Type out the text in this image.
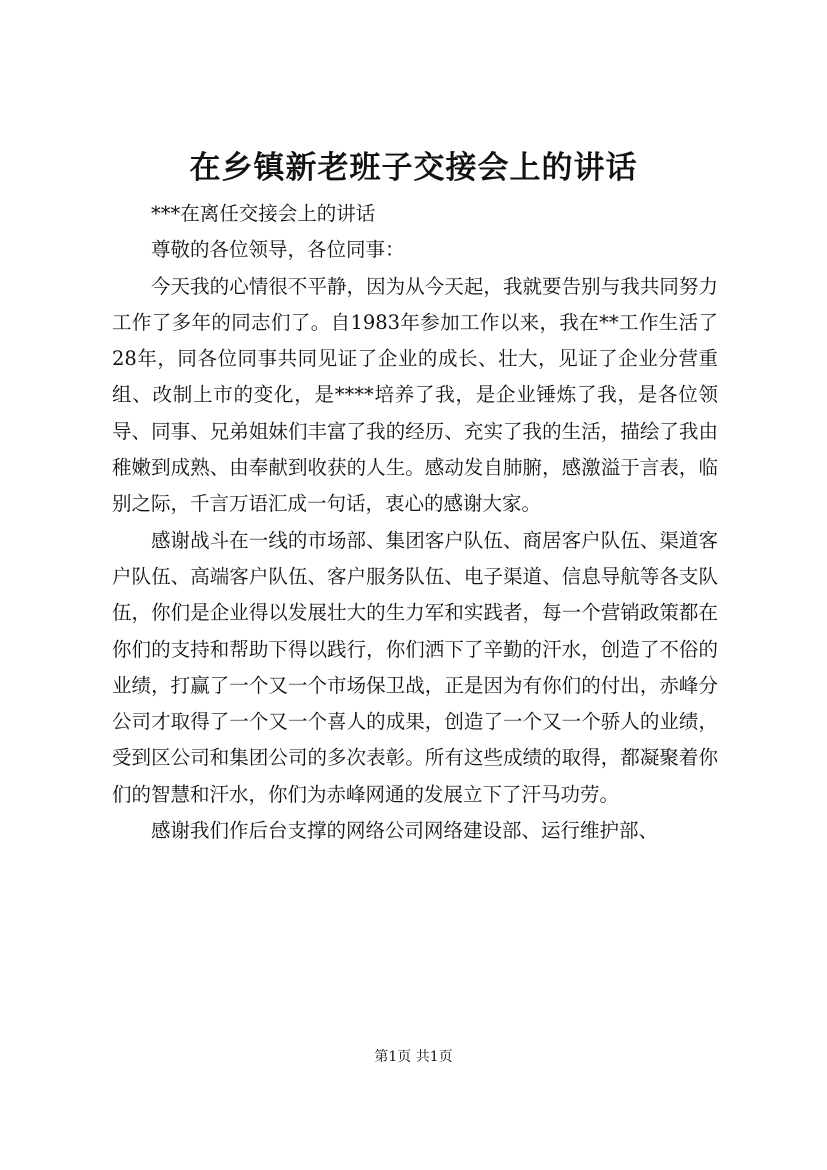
在乡镇新老班子交接会上的讲话

***在离任交接会上的讲话

尊敬的各位领导，各位同事：

今天我的心情很不平静，因为从今天起，我就要告别与我共同努力工作了多年的同志们了。自1983年参加工作以来，我在**工作生活了28年，同各位同事共同见证了企业的成长、壮大，见证了企业分营重组、改制上市的变化，是****培养了我，是企业锤炼了我，是各位领导、同事、兄弟姐妹们丰富了我的经历、充实了我的生活，描绘了我由稚嫩到成熟、由奉献到收获的人生。感动发自肺腑，感激溢于言表，临别之际，千言万语汇成一句话，衷心的感谢大家。

感谢战斗在一线的市场部、集团客户队伍、商居客户队伍、渠道客户队伍、高端客户队伍、客户服务队伍、电子渠道、信息导航等各支队伍，你们是企业得以发展壮大的生力军和实践者，每一个营销政策都在你们的支持和帮助下得以践行，你们洒下了辛勤的汗水，创造了不俗的业绩，打赢了一个又一个市场保卫战，正是因为有你们的付出，赤峰分公司才取得了一个又一个喜人的成果，创造了一个又一个骄人的业绩，受到区公司和集团公司的多次表彰。所有这些成绩的取得，都凝聚着你们的智慧和汗水，你们为赤峰网通的发展立下了汗马功劳。

感谢我们作后台支撑的网络公司网络建设部、运行维护部、

第1页 共1页
